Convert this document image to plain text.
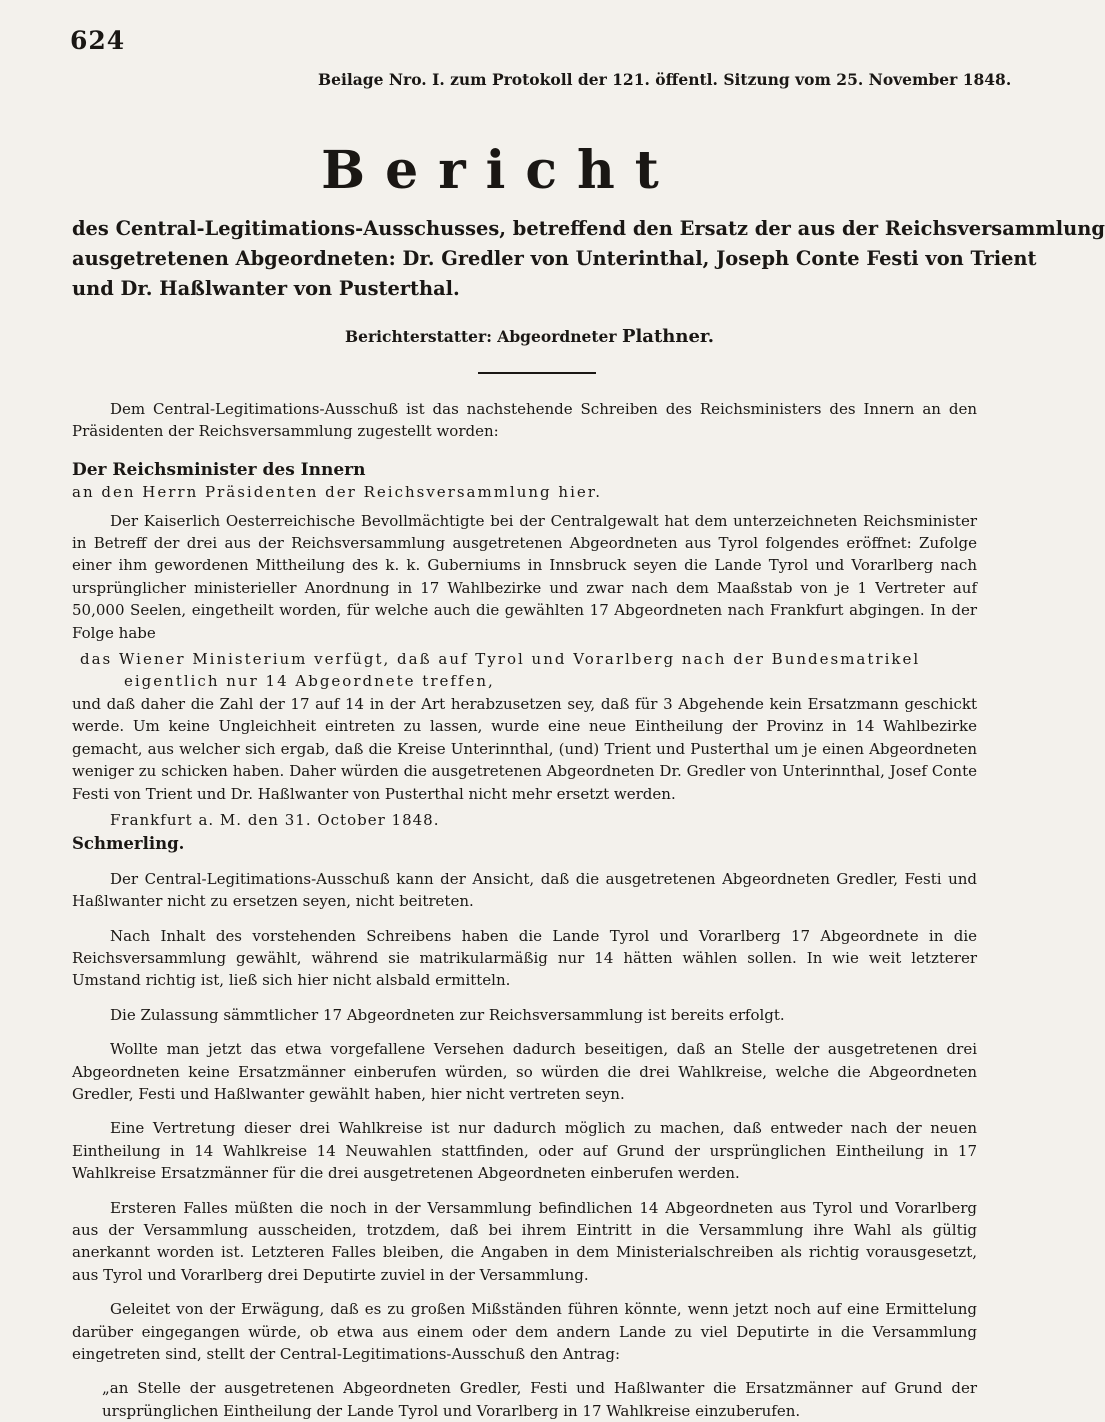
624
Beilage Nro. I. zum Protokoll der 121. öffentl. Sitzung vom 25. November 1848.
Bericht
des Central-Legitimations-Ausschusses, betreffend den Ersatz der aus der Reichsversammlung
ausgetretenen Abgeordneten: Dr. Gredler von Unterinthal, Joseph Conte Festi von Trient
und Dr. Haßlwanter von Pusterthal.
Berichterstatter: Abgeordneter Plathner.

Dem Central-Legitimations-Ausschuß ist das nachstehende Schreiben des Reichsministers des Innern an den Präsidenten der Reichsversammlung zugestellt worden:

Der Reichsminister des Innern

an den Herrn Präsidenten der Reichsversammlung hier.

Der Kaiserlich Oesterreichische Bevollmächtigte bei der Centralgewalt hat dem unterzeichneten Reichsminister in Betreff der drei aus der Reichsversammlung ausgetretenen Abgeordneten aus Tyrol folgendes eröffnet: Zufolge einer ihm gewordenen Mittheilung des k. k. Guberniums in Innsbruck seyen die Lande Tyrol und Vorarlberg nach ursprünglicher ministerieller Anordnung in 17 Wahlbezirke und zwar nach dem Maaßstab von je 1 Vertreter auf 50,000 Seelen, eingetheilt worden, für welche auch die gewählten 17 Abgeordneten nach Frankfurt abgingen. In der Folge habe

das Wiener Ministerium verfügt, daß auf Tyrol und Vorarlberg nach der Bundesmatrikel

eigentlich nur 14 Abgeordnete treffen,

und daß daher die Zahl der 17 auf 14 in der Art herabzusetzen sey, daß für 3 Abgehende kein Ersatzmann geschickt werde. Um keine Ungleichheit eintreten zu lassen, wurde eine neue Eintheilung der Provinz in 14 Wahlbezirke gemacht, aus welcher sich ergab, daß die Kreise Unterinnthal, (und) Trient und Pusterthal um je einen Abgeordneten weniger zu schicken haben. Daher würden die ausgetretenen Abgeordneten Dr. Gredler von Unterinnthal, Josef Conte Festi von Trient und Dr. Haßlwanter von Pusterthal nicht mehr ersetzt werden.

Frankfurt a. M. den 31. October 1848.

Schmerling.

Der Central-Legitimations-Ausschuß kann der Ansicht, daß die ausgetretenen Abgeordneten Gredler, Festi und Haßlwanter nicht zu ersetzen seyen, nicht beitreten.

Nach Inhalt des vorstehenden Schreibens haben die Lande Tyrol und Vorarlberg 17 Abgeordnete in die Reichsversammlung gewählt, während sie matrikularmäßig nur 14 hätten wählen sollen. In wie weit letzterer Umstand richtig ist, ließ sich hier nicht alsbald ermitteln.

Die Zulassung sämmtlicher 17 Abgeordneten zur Reichsversammlung ist bereits erfolgt.

Wollte man jetzt das etwa vorgefallene Versehen dadurch beseitigen, daß an Stelle der ausgetretenen drei Abgeordneten keine Ersatzmänner einberufen würden, so würden die drei Wahlkreise, welche die Abgeordneten Gredler, Festi und Haßlwanter gewählt haben, hier nicht vertreten seyn.

Eine Vertretung dieser drei Wahlkreise ist nur dadurch möglich zu machen, daß entweder nach der neuen Eintheilung in 14 Wahlkreise 14 Neuwahlen stattfinden, oder auf Grund der ursprünglichen Eintheilung in 17 Wahlkreise Ersatzmänner für die drei ausgetretenen Abgeordneten einberufen werden.

Ersteren Falles müßten die noch in der Versammlung befindlichen 14 Abgeordneten aus Tyrol und Vorarlberg aus der Versammlung ausscheiden, trotzdem, daß bei ihrem Eintritt in die Versammlung ihre Wahl als gültig anerkannt worden ist. Letzteren Falles bleiben, die Angaben in dem Ministerialschreiben als richtig vorausgesetzt, aus Tyrol und Vorarlberg drei Deputirte zuviel in der Versammlung.

Geleitet von der Erwägung, daß es zu großen Mißständen führen könnte, wenn jetzt noch auf eine Ermittelung darüber eingegangen würde, ob etwa aus einem oder dem andern Lande zu viel Deputirte in die Versammlung eingetreten sind, stellt der Central-Legitimations-Ausschuß den Antrag:

„an Stelle der ausgetretenen Abgeordneten Gredler, Festi und Haßlwanter die Ersatzmänner auf Grund der ursprünglichen Eintheilung der Lande Tyrol und Vorarlberg in 17 Wahlkreise einzuberufen.
